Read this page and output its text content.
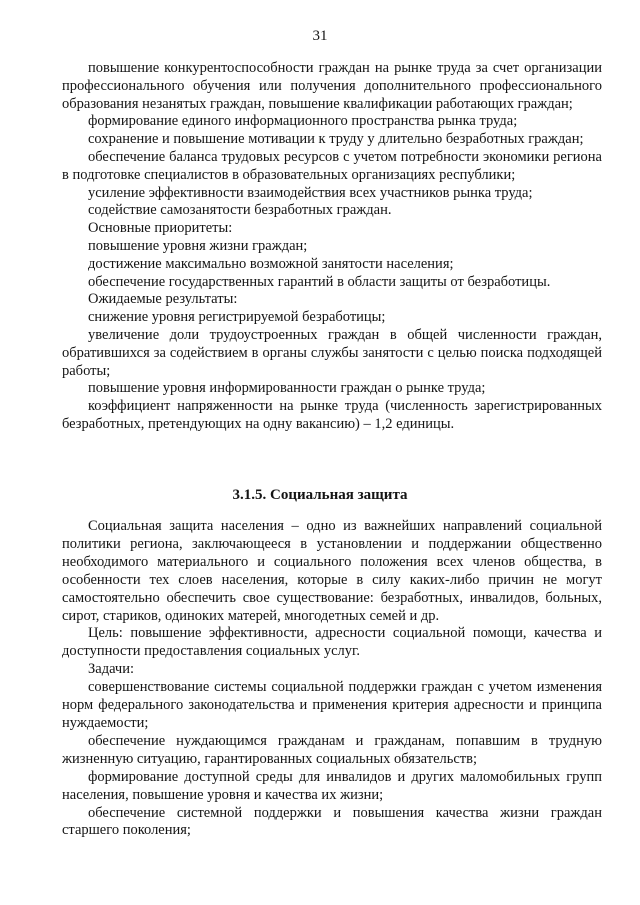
31

повышение конкурентоспособности граждан на рынке труда за счет организации профессионального обучения или получения дополнительного профессионального образования незанятых граждан, повышение квалификации работающих граждан;

формирование единого информационного пространства рынка труда;

сохранение и повышение мотивации к труду у длительно безработных граждан;

обеспечение баланса трудовых ресурсов с учетом потребности экономики региона в подготовке специалистов в образовательных организациях республики;

усиление эффективности взаимодействия всех участников рынка труда;

содействие самозанятости безработных граждан.

Основные приоритеты:

повышение уровня жизни граждан;

достижение максимально возможной занятости населения;

обеспечение государственных гарантий в области защиты от безработицы.

Ожидаемые результаты:

снижение уровня регистрируемой безработицы;

увеличение доли трудоустроенных граждан в общей численности граждан, обратившихся за содействием в органы службы занятости с целью поиска подходящей работы;

повышение уровня информированности граждан о рынке труда;

коэффициент напряженности на рынке труда (численность зарегистрированных безработных, претендующих на одну вакансию) – 1,2 единицы.

3.1.5. Социальная защита

Социальная защита населения – одно из важнейших направлений социальной политики региона, заключающееся в установлении и поддержании общественно необходимого материального и социального положения всех членов общества, в особенности тех слоев населения, которые в силу каких-либо причин не могут самостоятельно обеспечить свое существование: безработных, инвалидов, больных, сирот, стариков, одиноких матерей, многодетных семей и др.

Цель: повышение эффективности, адресности социальной помощи, качества и доступности предоставления социальных услуг.

Задачи:

совершенствование системы социальной поддержки граждан с учетом изменения норм федерального законодательства и применения критерия адресности и принципа нуждаемости;

обеспечение нуждающимся гражданам и гражданам, попавшим в трудную жизненную ситуацию, гарантированных социальных обязательств;

формирование доступной среды для инвалидов и других маломобильных групп населения, повышение уровня и качества их жизни;

обеспечение системной поддержки и повышения качества жизни граждан старшего поколения;
